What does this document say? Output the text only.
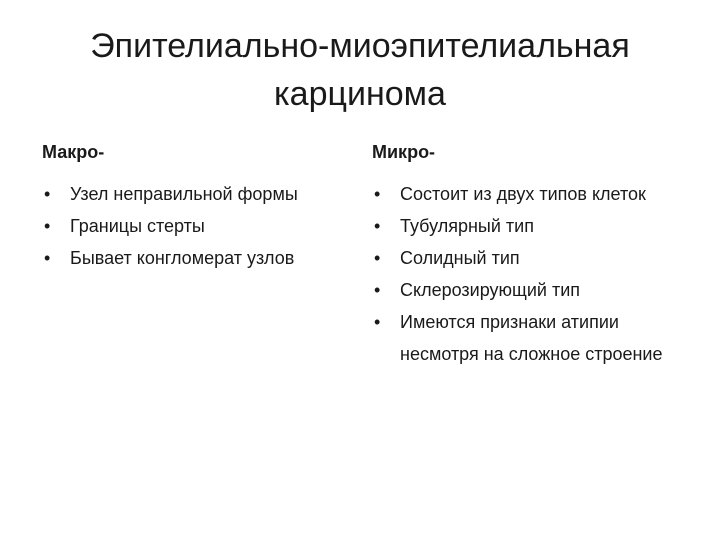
Эпителиально-миоэпителиальная
карцинома
Макро-
• Узел неправильной формы
• Границы стерты
• Бывает конгломерат узлов
Микро-
• Состоит из двух типов клеток
• Тубулярный тип
• Солидный тип
• Склерозирующий тип
• Имеются признаки атипии несмотря на сложное строение
